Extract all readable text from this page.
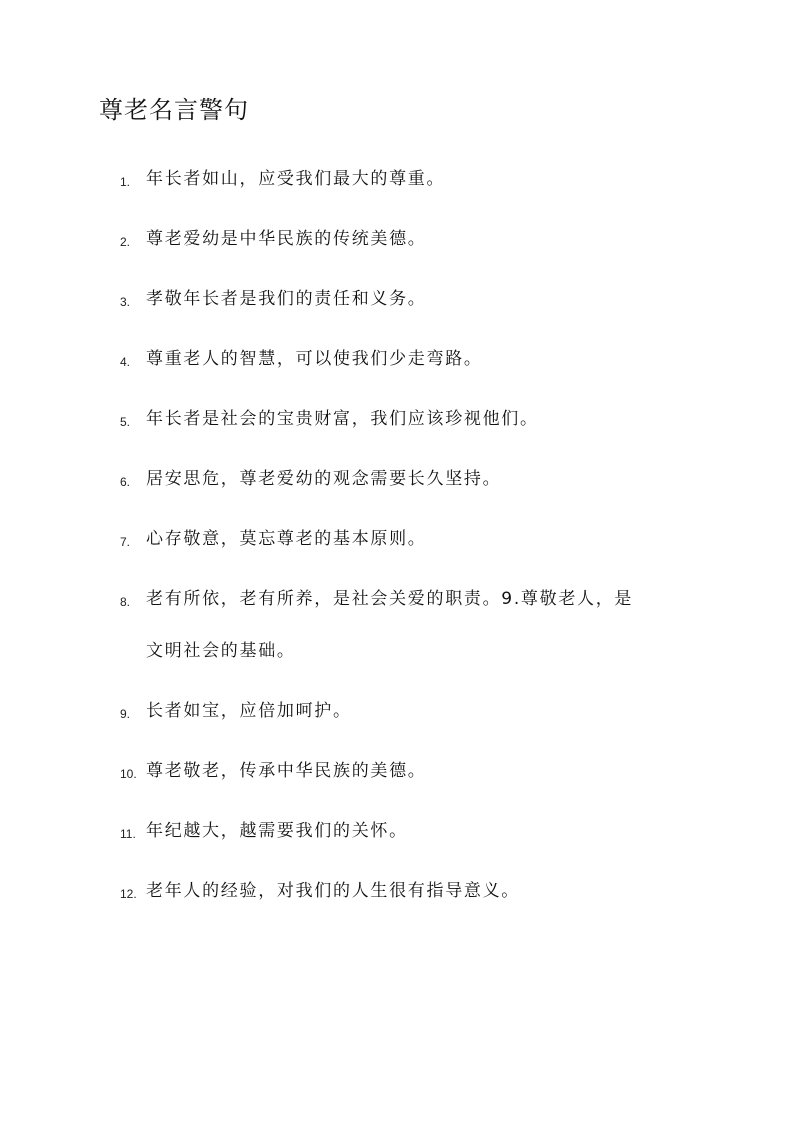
尊老名言警句
1. 年长者如山，应受我们最大的尊重。
2. 尊老爱幼是中华民族的传统美德。
3. 孝敬年长者是我们的责任和义务。
4. 尊重老人的智慧，可以使我们少走弯路。
5. 年长者是社会的宝贵财富，我们应该珍视他们。
6. 居安思危，尊老爱幼的观念需要长久坚持。
7. 心存敬意，莫忘尊老的基本原则。
8. 老有所依，老有所养，是社会关爱的职责。9.尊敬老人，是
文明社会的基础。
9. 长者如宝，应倍加呵护。
10. 尊老敬老，传承中华民族的美德。
11. 年纪越大，越需要我们的关怀。
12. 老年人的经验，对我们的人生很有指导意义。
